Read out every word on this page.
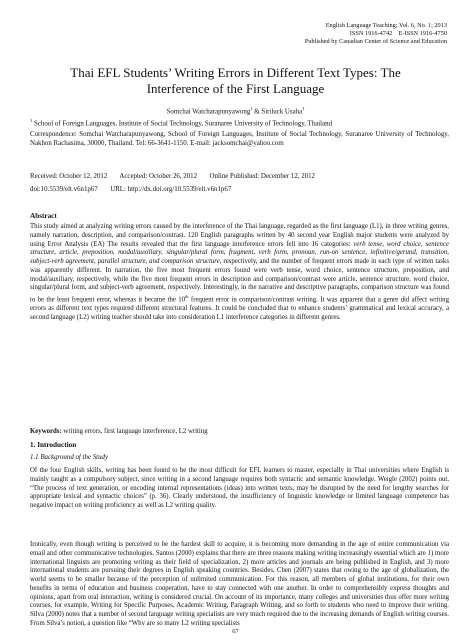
English Language Teaching; Vol. 6, No. 1; 2013
ISSN 1916-4742    E-ISSN 1916-4750
Published by Canadian Center of Science and Education
Thai EFL Students’ Writing Errors in Different Text Types: The Interference of the First Language
Somchai Watcharapunyawong$^1$ & Siriluck Usaha$^1$
$^1$ School of Foreign Languages, Institute of Social Technology, Suranaree University of Technology, Thailand
Correspondence: Somchai Watcharapunyawong, School of Foreign Languages, Institute of Social Technology, Suranaree University of Technology, Nakhon Rachasima, 30000, Thailand. Tel: 66-3641-1150. E-mail: jacksomchai@yahoo.com
Received: October 12, 2012 Accepted: October 26, 2012 Online Published: December 12, 2012
doi:10.5539/elt.v6n1p67 URL: http://dx.doi.org/10.5539/elt.v6n1p67
Abstract
This study aimed at analyzing writing errors caused by the interference of the Thai language, regarded as the first language (L1), in three writing genres, namely narration, description, and comparison/contrast. 120 English paragraphs written by 40 second year English major students were analyzed by using Error Analysis (EA) The results revealed that the first language interference errors fell into 16 categories: verb tense, word choice, sentence structure, article, preposition, modal/auxiliary, singular/plural form, fragment, verb form, pronoun, run-on sentence, infinitive/gerund, transition, subject-verb agreement, parallel structure, and comparison structure, respectively, and the number of frequent errors made in each type of written tasks was apparently different. In narration, the five most frequent errors found were verb tense, word choice, sentence structure, preposition, and modal/auxiliary, respectively, while the five most frequent errors in description and comparison/contrast were article, sentence structure, word choice, singular/plural form, and subject-verb agreement, respectively. Interestingly, in the narrative and descriptive paragraphs, comparison structure was found to be the least frequent error, whereas it became the 10th frequent error in comparison/contrast writing. It was apparent that a genre did affect writing errors as different text types required different structural features. It could be concluded that to enhance students’ grammatical and lexical accuracy, a second language (L2) writing teacher should take into consideration L1 interference categories in different genres.
Keywords: writing errors, first language interference, L2 writing
1. Introduction
1.1 Background of the Study
Of the four English skills, writing has been found to be the most difficult for EFL learners to master, especially in Thai universities where English is mainly taught as a compulsory subject, since writing in a second language requires both syntactic and semantic knowledge. Weigle (2002) points out, “The process of text generation, or encoding internal representations (ideas) into written texts, may be disrupted by the need for lengthy searches for appropriate lexical and syntactic choices” (p. 36). Clearly understood, the insufficiency of linguistic knowledge or limited language competence has negative impact on writing proficiency as well as L2 writing quality.
Ironically, even though writing is perceived to be the hardest skill to acquire, it is becoming more demanding in the age of entire communication via email and other communicative technologies. Santos (2000) explains that there are three reasons making writing increasingly essential which are 1) more international linguists are promoting writing as their field of specialization, 2) more articles and journals are being published in English, and 3) more international students are pursuing their degrees in English speaking countries. Besides, Chen (2007) states that owing to the age of globalization, the world seems to be smaller because of the perception of unlimited communication. For this reason, all members of global institutions, for their own benefits in terms of education and business cooperation, have to stay connected with one another. In order to comprehensibly express thoughts and opinions, apart from oral interaction, writing is considered crucial. On account of its importance, many colleges and universities thus offer more writing courses, for example, Writing for Specific Purposes, Academic Writing, Paragraph Writing, and so forth to students who need to improve their writing. Silva (2000) notes that a number of second language writing specialists are very much required due to the increasing demands of English writing courses. From Silva’s notion, a question like “Why are so many L2 writing specialists
67
